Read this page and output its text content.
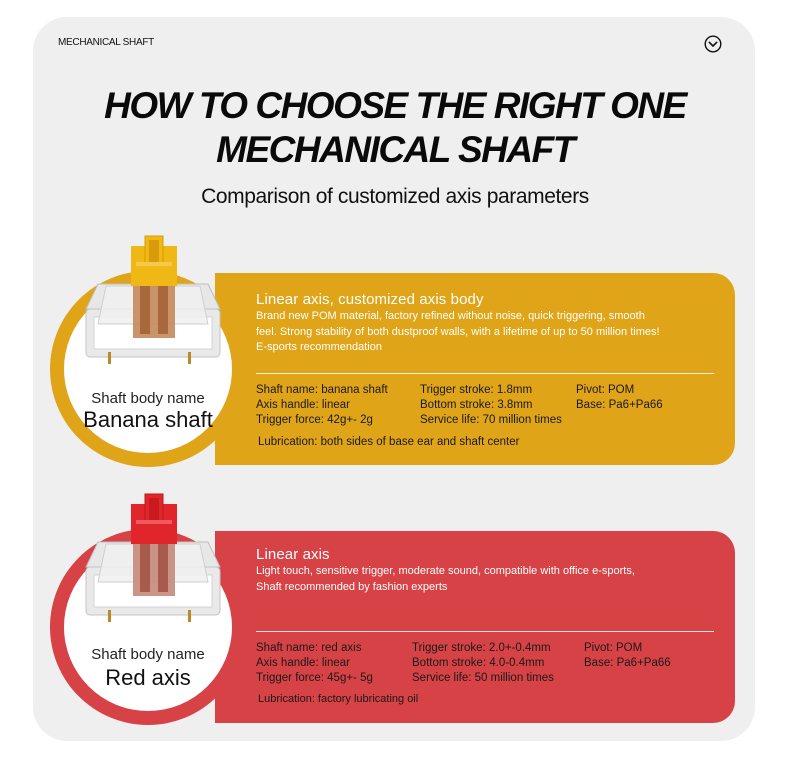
MECHANICAL SHAFT
HOW TO CHOOSE THE RIGHT ONE
MECHANICAL SHAFT
Comparison of customized axis parameters
Shaft body name
Banana shaft
Linear axis, customized axis body
Brand new POM material, factory refined without noise, quick triggering, smooth
feel. Strong stability of both dustproof walls, with a lifetime of up to 50 million times!
E-sports recommendation
Shaft name: banana shaft
Axis handle: linear
Trigger force: 42g+- 2g
Trigger stroke: 1.8mm
Bottom stroke: 3.8mm
Service life: 70 million times
Pivot: POM
Base: Pa6+Pa66
Lubrication: both sides of base ear and shaft center
Shaft body name
Red axis
Linear axis
Light touch, sensitive trigger, moderate sound, compatible with office e-sports,
Shaft recommended by fashion experts
Shaft name: red axis
Axis handle: linear
Trigger force: 45g+- 5g
Trigger stroke: 2.0+-0.4mm
Bottom stroke: 4.0-0.4mm
Service life: 50 million times
Pivot: POM
Base: Pa6+Pa66
Lubrication: factory lubricating oil
